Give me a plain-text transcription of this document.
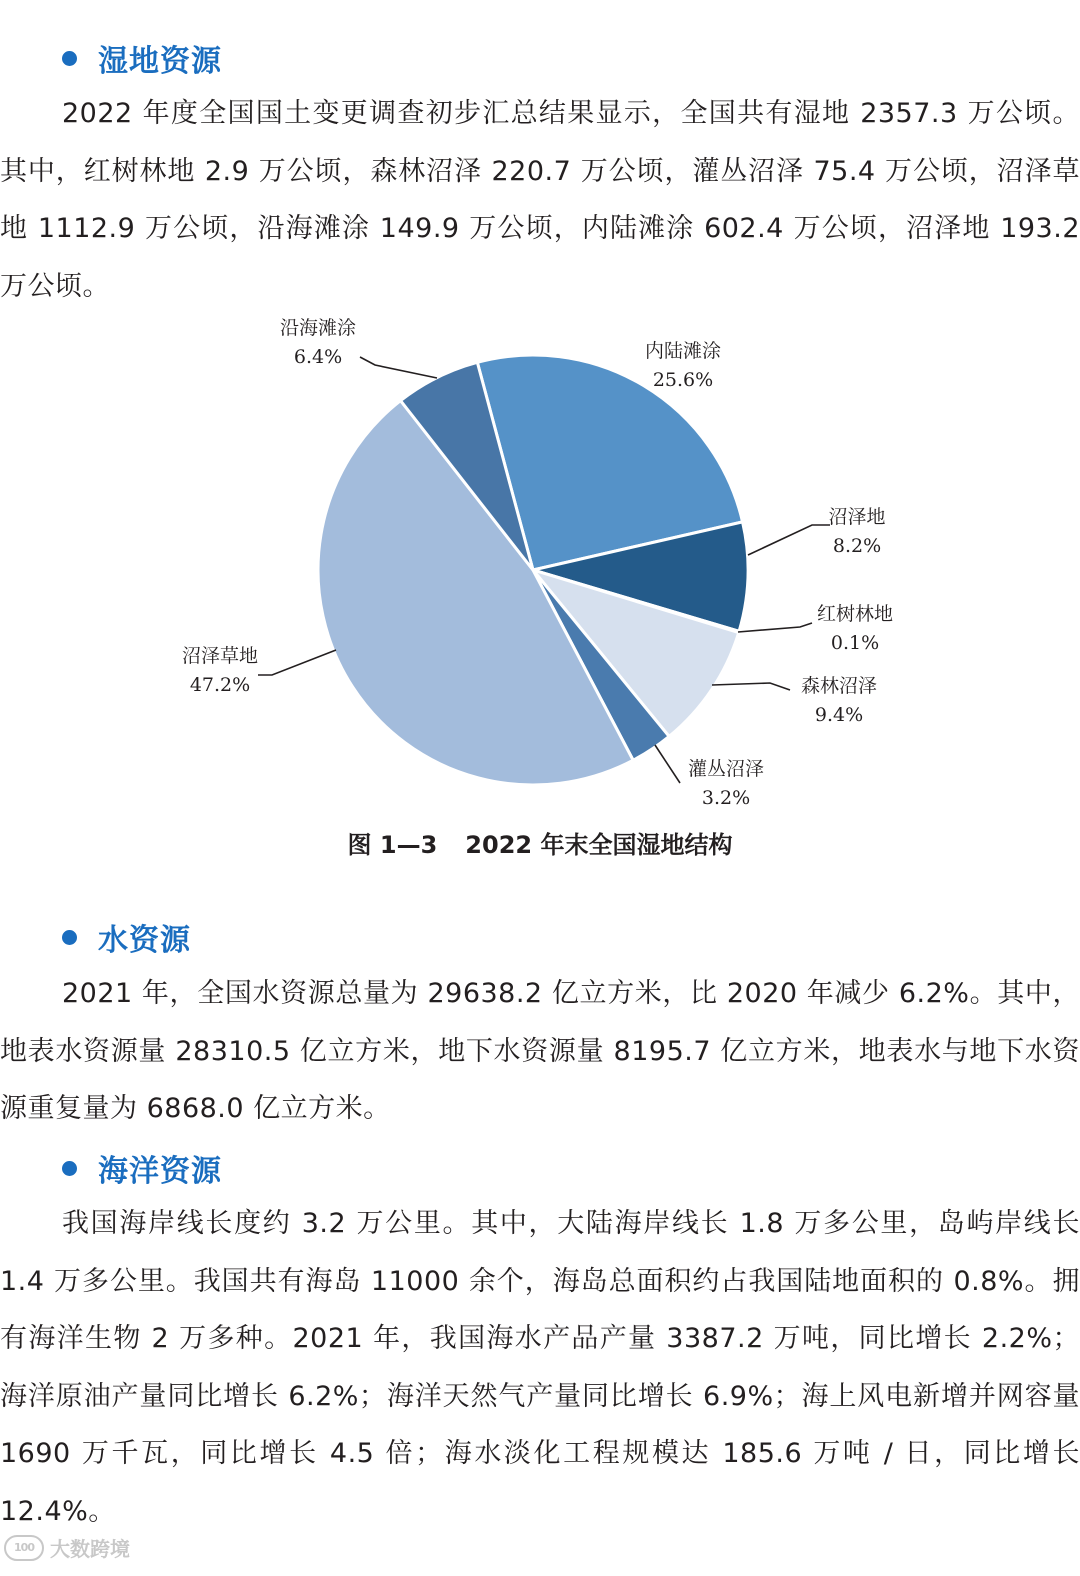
湿地资源

2022 年度全国国土变更调查初步汇总结果显示，全国共有湿地 2357.3 万公顷。其中，红树林地 2.9 万公顷，森林沼泽 220.7 万公顷，灌丛沼泽 75.4 万公顷，沼泽草地 1112.9 万公顷，沿海滩涂 149.9 万公顷，内陆滩涂 602.4 万公顷，沼泽地 193.2 万公顷。

内陆滩涂
25.6%
沼泽地
8.2%
红树林地
0.1%
森林沼泽
9.4%
灌丛沼泽
3.2%
沼泽草地
47.2%
沿海滩涂
6.4%
图 1—3 2022 年末全国湿地结构
水资源

2021 年，全国水资源总量为 29638.2 亿立方米，比 2020 年减少 6.2%。其中，地表水资源量 28310.5 亿立方米，地下水资源量 8195.7 亿立方米，地表水与地下水资源重复量为 6868.0 亿立方米。

海洋资源

我国海岸线长度约 3.2 万公里。其中，大陆海岸线长 1.8 万多公里，岛屿岸线长 1.4 万多公里。我国共有海岛 11000 余个，海岛总面积约占我国陆地面积的 0.8%。拥有海洋生物 2 万多种。2021 年，我国海水产品产量 3387.2 万吨，同比增长 2.2%；海洋原油产量同比增长 6.2%；海洋天然气产量同比增长 6.9%；海上风电新增并网容量 1690 万千瓦，同比增长 4.5 倍；海水淡化工程规模达 185.6 万吨 / 日，同比增长 12.4%。

100 大数跨境
